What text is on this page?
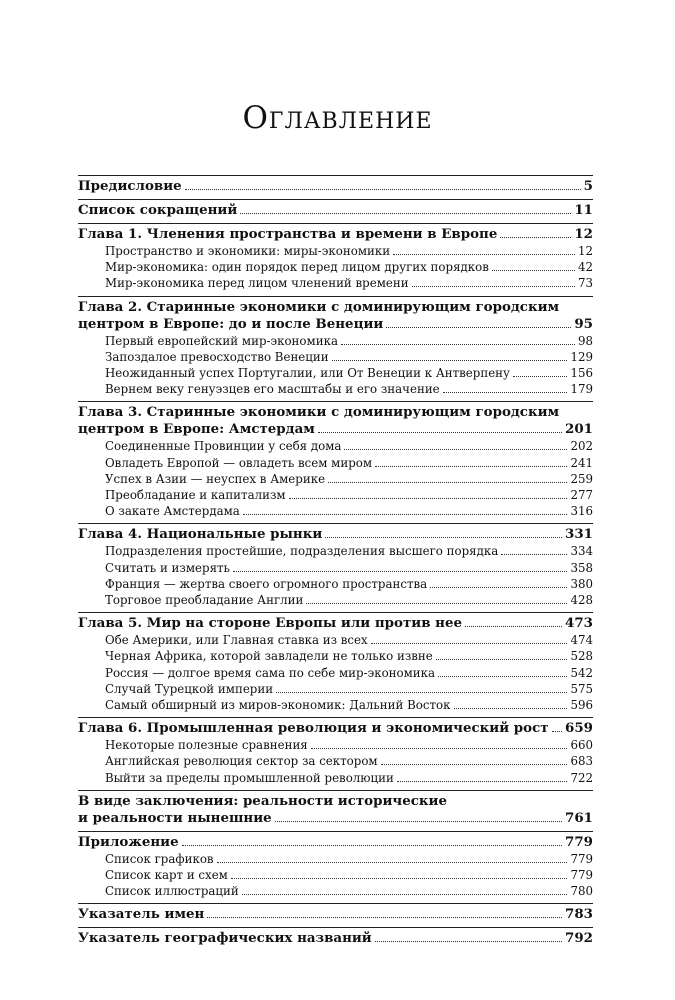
Оглавление
Предисловие	5
Список сокращений	11
Глава 1. Членения пространства и времени в Европе	12
Пространство и экономики: миры-экономики	12
Мир-экономика: один порядок перед лицом других порядков	42
Мир-экономика перед лицом членений времени	73
Глава 2. Старинные экономики с доминирующим городским
центром в Европе: до и после Венеции	95
Первый европейский мир-экономика	98
Запоздалое превосходство Венеции	129
Неожиданный успех Португалии, или От Венеции к Антверпену	156
Вернем веку генуэзцев его масштабы и его значение	179
Глава 3. Старинные экономики с доминирующим городским
центром в Европе: Амстердам	201
Соединенные Провинции у себя дома	202
Овладеть Европой — овладеть всем миром	241
Успех в Азии — неуспех в Америке	259
Преобладание и капитализм	277
О закате Амстердама	316
Глава 4. Национальные рынки	331
Подразделения простейшие, подразделения высшего порядка	334
Считать и измерять	358
Франция — жертва своего огромного пространства	380
Торговое преобладание Англии	428
Глава 5. Мир на стороне Европы или против нее	473
Обе Америки, или Главная ставка из всех	474
Черная Африка, которой завладели не только извне	528
Россия — долгое время сама по себе мир-экономика	542
Случай Турецкой империи	575
Самый обширный из миров-экономик: Дальний Восток	596
Глава 6. Промышленная революция и экономический рост 659
Некоторые полезные сравнения	660
Английская революция сектор за сектором	683
Выйти за пределы промышленной революции	722
В виде заключения: реальности исторические
и реальности нынешние	761
Приложение	779
Список графиков	779
Список карт и схем	779
Список иллюстраций	780
Указатель имен	783
Указатель географических названий	792
